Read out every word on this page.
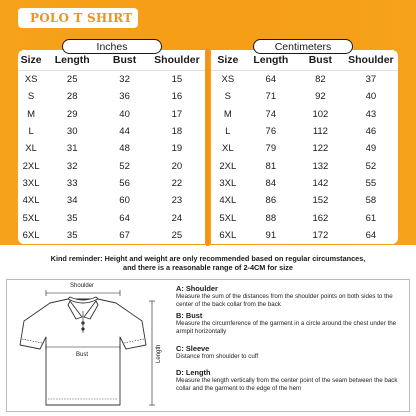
POLO T SHIRT
Size	Length	Bust	Shoulder
XS	25	32	15
S	28	36	16
M	29	40	17
L	30	44	18
XL	31	48	19
2XL	32	52	20
3XL	33	56	22
4XL	34	60	23
5XL	35	64	24
6XL	35	67	25
Size	Length	Bust	Shoulder
XS	64	82	37
S	71	92	40
M	74	102	43
L	76	112	46
XL	79	122	49
2XL	81	132	52
3XL	84	142	55
4XL	86	152	58
5XL	88	162	61
6XL	91	172	64
Inches	Centimeters
Kind reminder: Height and weight are only recommended based on regular circumstances,
and there is a reasonable range of 2-4CM for size
Shoulder
Bust	Length
A: Shoulder
Measure the sum of the distances from the shoulder points on both sides to the center of the back collar from the back
B: Bust
Measure the circumference of the garment in a circle around the chest under the armpit horizontally
C: Sleeve
Distance from shoulder to cuff
D: Length
Measure the length vertically from the center point of the seam between the back collar and the garment to the edge of the hem
